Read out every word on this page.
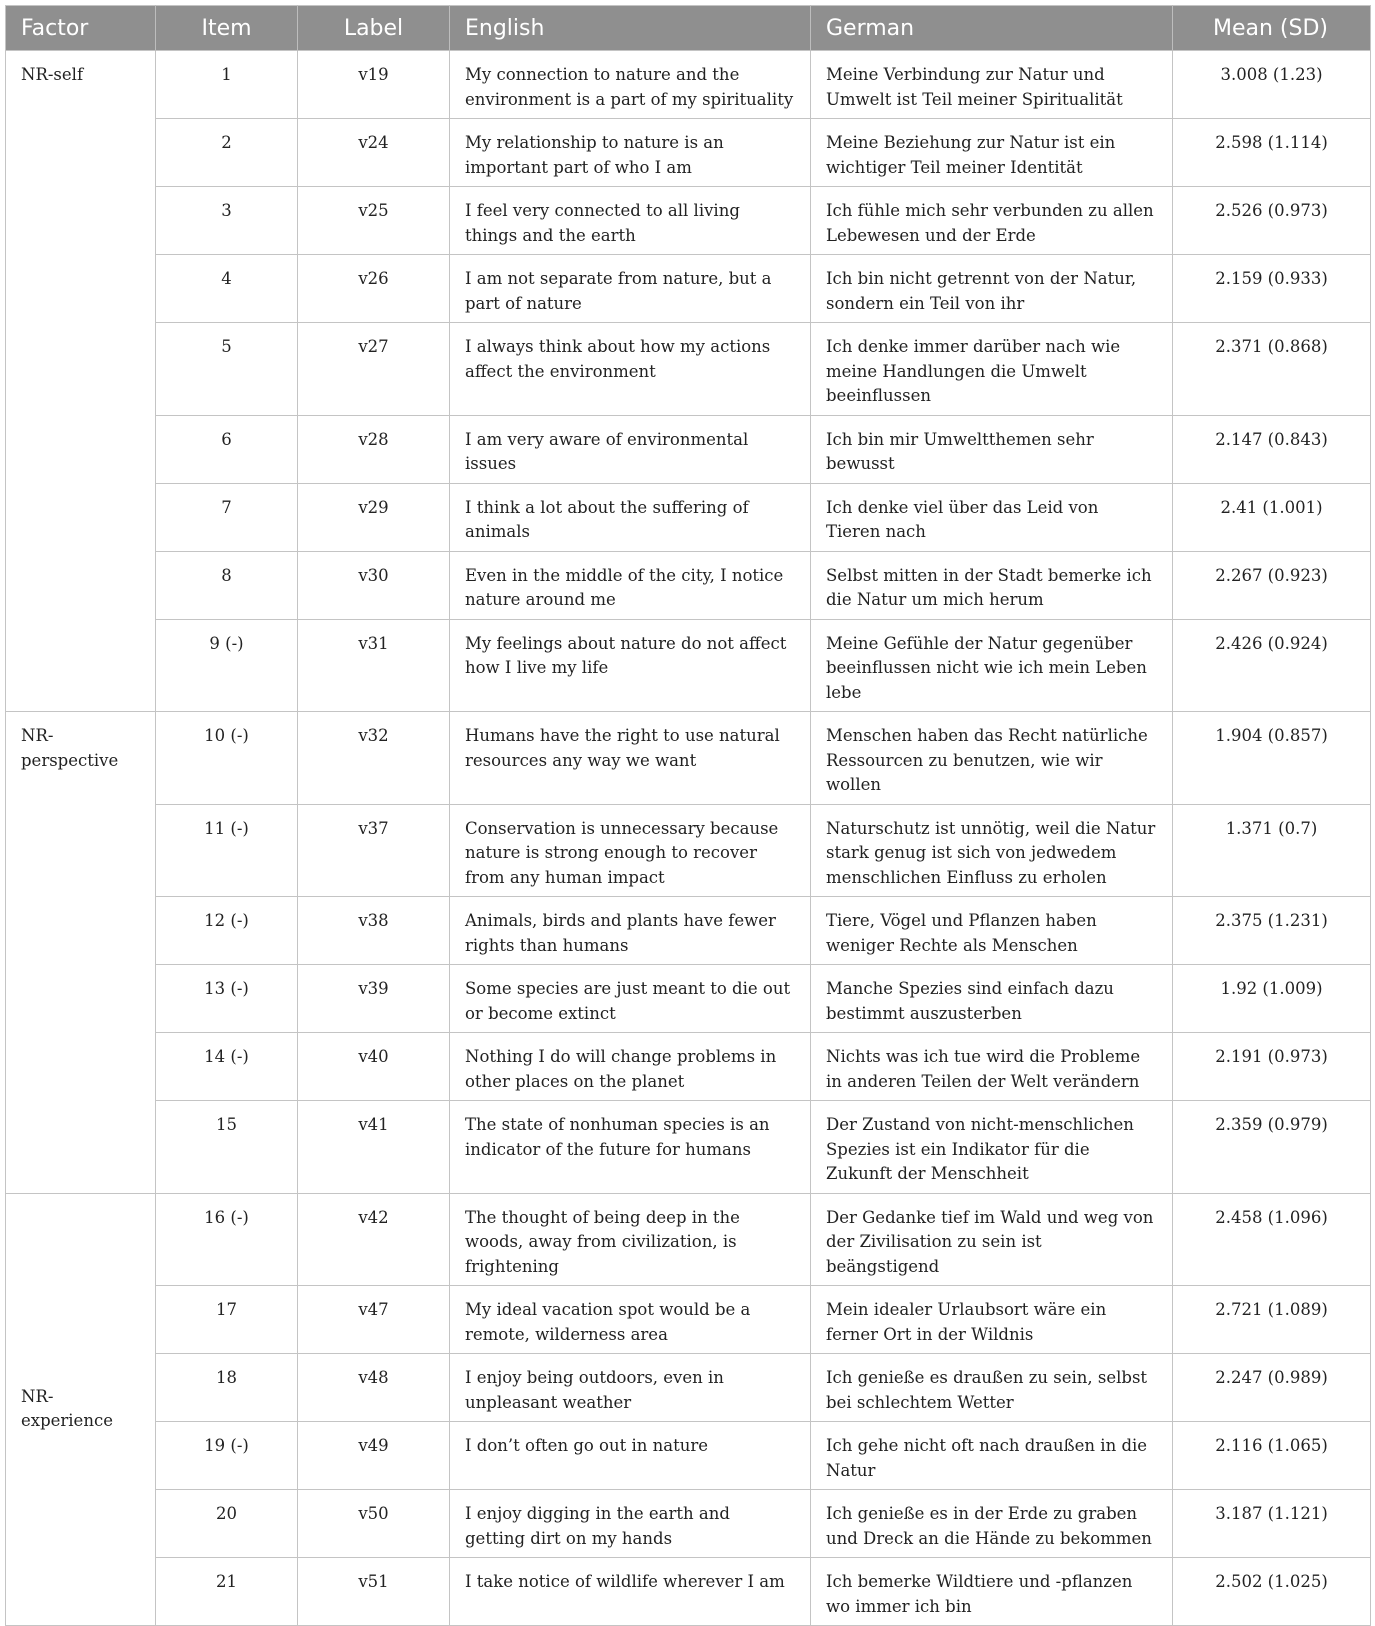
Factor	Item	Label	English	German	Mean (SD)
NR-self	1	v19	My connection to nature and the environment is a part of my spirituality	Meine Verbindung zur Natur und Umwelt ist Teil meiner Spiritualität	3.008 (1.23)
	2	v24	My relationship to nature is an important part of who I am	Meine Beziehung zur Natur ist ein wichtiger Teil meiner Identität	2.598 (1.114)
	3	v25	I feel very connected to all living things and the earth	Ich fühle mich sehr verbunden zu allen Lebewesen und der Erde	2.526 (0.973)
	4	v26	I am not separate from nature, but a part of nature	Ich bin nicht getrennt von der Natur, sondern ein Teil von ihr	2.159 (0.933)
	5	v27	I always think about how my actions affect the environment	Ich denke immer darüber nach wie meine Handlungen die Umwelt beeinflussen	2.371 (0.868)
	6	v28	I am very aware of environmental issues	Ich bin mir Umweltthemen sehr bewusst	2.147 (0.843)
	7	v29	I think a lot about the suffering of animals	Ich denke viel über das Leid von Tieren nach	2.41 (1.001)
	8	v30	Even in the middle of the city, I notice nature around me	Selbst mitten in der Stadt bemerke ich die Natur um mich herum	2.267 (0.923)
	9 (-)	v31	My feelings about nature do not affect how I live my life	Meine Gefühle der Natur gegenüber beeinflussen nicht wie ich mein Leben lebe	2.426 (0.924)
NR-perspective	10 (-)	v32	Humans have the right to use natural resources any way we want	Menschen haben das Recht natürliche Ressourcen zu benutzen, wie wir wollen	1.904 (0.857)
	11 (-)	v37	Conservation is unnecessary because nature is strong enough to recover from any human impact	Naturschutz ist unnötig, weil die Natur stark genug ist sich von jedwedem menschlichen Einfluss zu erholen	1.371 (0.7)
	12 (-)	v38	Animals, birds and plants have fewer rights than humans	Tiere, Vögel und Pflanzen haben weniger Rechte als Menschen	2.375 (1.231)
	13 (-)	v39	Some species are just meant to die out or become extinct	Manche Spezies sind einfach dazu bestimmt auszusterben	1.92 (1.009)
	14 (-)	v40	Nothing I do will change problems in other places on the planet	Nichts was ich tue wird die Probleme in anderen Teilen der Welt verändern	2.191 (0.973)
	15	v41	The state of nonhuman species is an indicator of the future for humans	Der Zustand von nicht-menschlichen Spezies ist ein Indikator für die Zukunft der Menschheit	2.359 (0.979)
NR-experience	16 (-)	v42	The thought of being deep in the woods, away from civilization, is frightening	Der Gedanke tief im Wald und weg von der Zivilisation zu sein ist beängstigend	2.458 (1.096)
	17	v47	My ideal vacation spot would be a remote, wilderness area	Mein idealer Urlaubsort wäre ein ferner Ort in der Wildnis	2.721 (1.089)
	18	v48	I enjoy being outdoors, even in unpleasant weather	Ich genieße es draußen zu sein, selbst bei schlechtem Wetter	2.247 (0.989)
	19 (-)	v49	I don’t often go out in nature	Ich gehe nicht oft nach draußen in die Natur	2.116 (1.065)
	20	v50	I enjoy digging in the earth and getting dirt on my hands	Ich genieße es in der Erde zu graben und Dreck an die Hände zu bekommen	3.187 (1.121)
	21	v51	I take notice of wildlife wherever I am	Ich bemerke Wildtiere und -pflanzen wo immer ich bin	2.502 (1.025)
